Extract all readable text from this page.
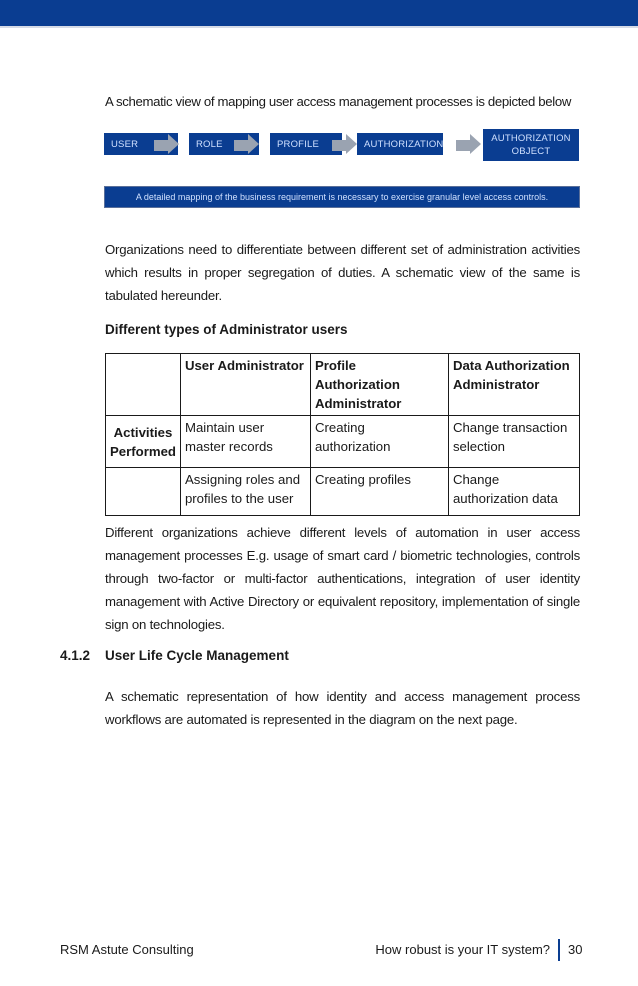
A schematic view of mapping user access management processes is depicted below
USER	ROLE	PROFILE	AUTHORIZATION	AUTHORIZATION OBJECT
A detailed mapping of the business requirement is necessary to exercise granular level access controls.
Organizations need to differentiate between different set of administration activities which results in proper segregation of duties. A schematic view of the same is tabulated hereunder.
Different types of Administrator users
	User Administrator	Profile Authorization Administrator	Data Authorization Administrator
Activities Performed	Maintain user master records	Creating authorization	Change transaction selection
	Assigning roles and profiles to the user	Creating profiles	Change authorization data
Different organizations achieve different levels of automation in user access management processes E.g. usage of smart card / biometric technologies, controls through two-factor or multi-factor authentications, integration of user identity management with Active Directory or equivalent repository, implementation of single sign on technologies.
4.1.2 User Life Cycle Management
A schematic representation of how identity and access management process workflows are automated is represented in the diagram on the next page.
RSM Astute Consulting	How robust is your IT system? 30
